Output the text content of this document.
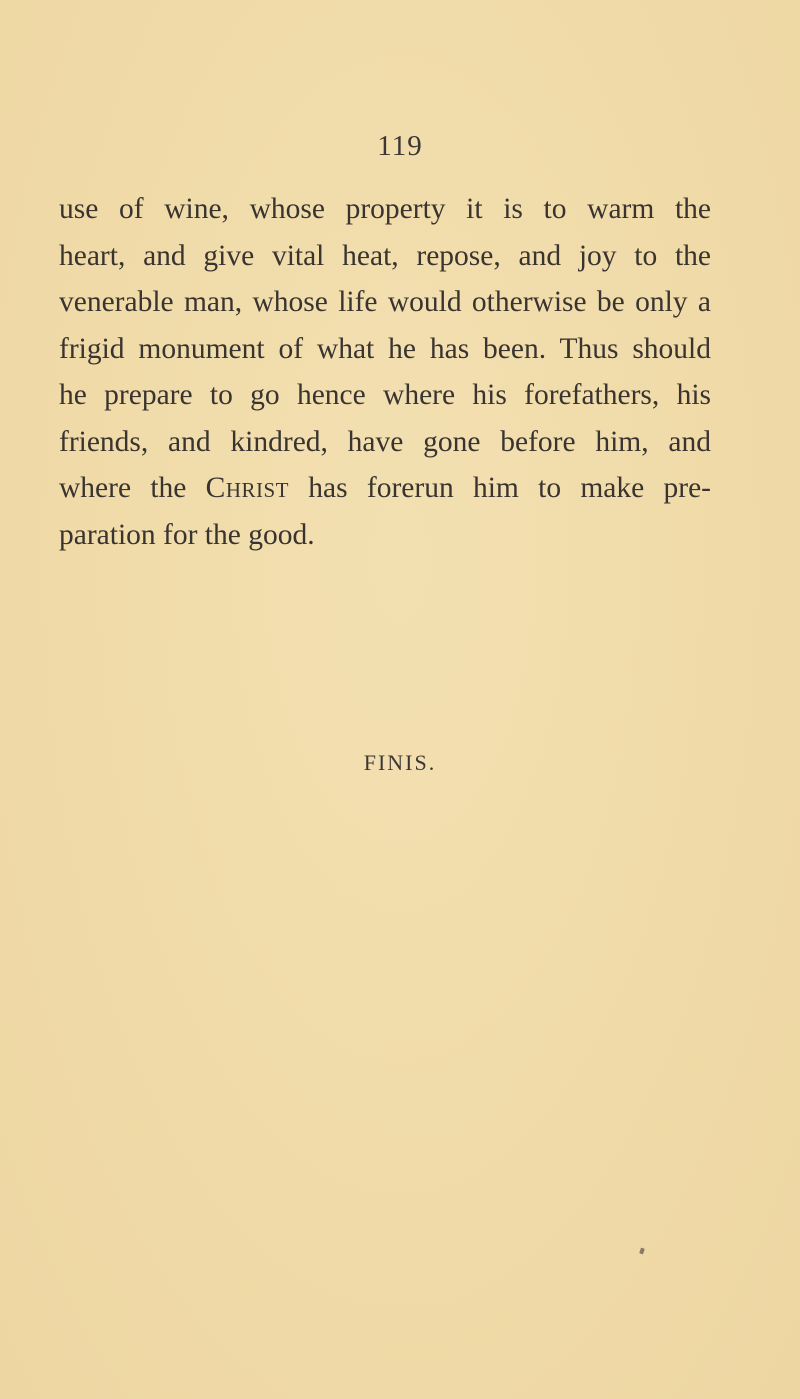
119
use of wine, whose property it is to warm the
heart, and give vital heat, repose, and joy to the
venerable man, whose life would otherwise be only a
frigid monument of what he has been. Thus should
he prepare to go hence where his forefathers, his
friends, and kindred, have gone before him, and
where the Christ has forerun him to make pre-
paration for the good.
FINIS.
